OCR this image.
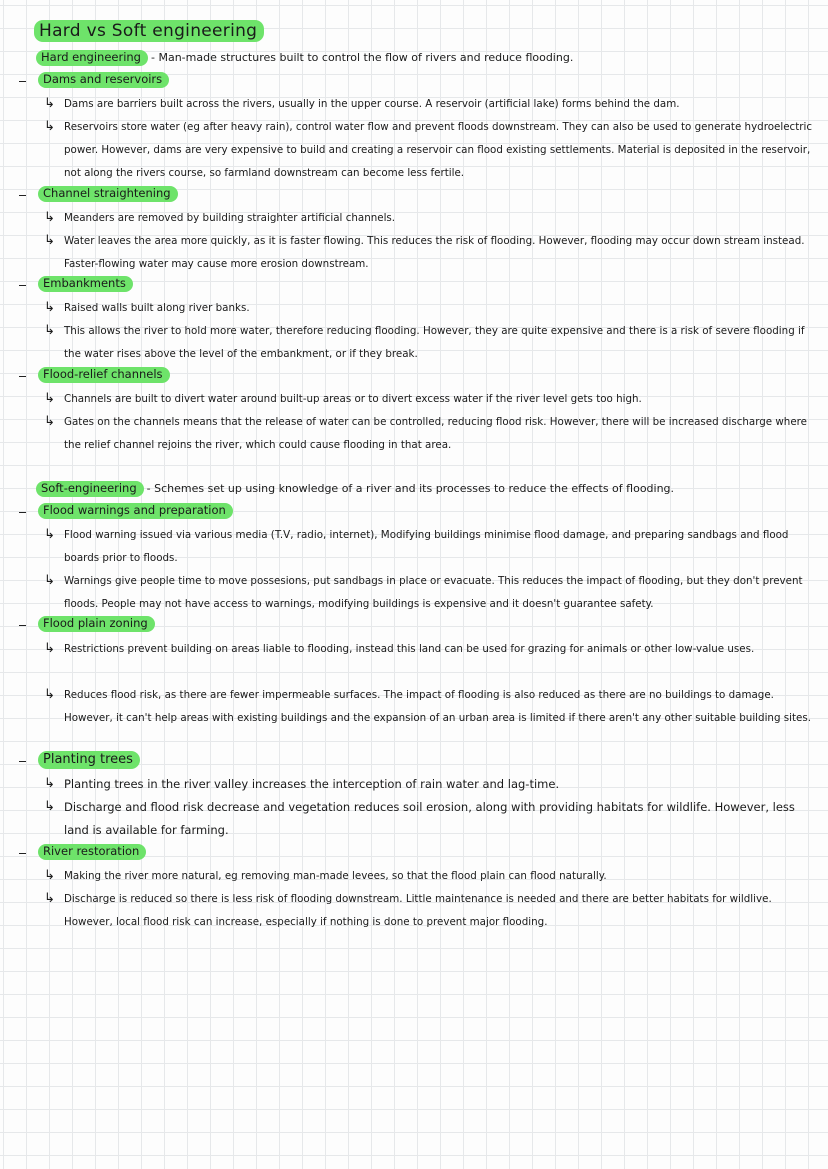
Hard vs Soft engineering
Hard engineering - Man-made structures built to control the flow of rivers and reduce flooding.
Dams and reservoirs
↳ Dams are barriers built across the rivers, usually in the upper course. A reservoir (artificial lake) forms behind the dam.
↳ Reservoirs store water (eg after heavy rain), control water flow and prevent floods downstream. They can also be used to generate hydroelectric power. However, dams are very expensive to build and creating a reservoir can flood existing settlements. Material is deposited in the reservoir, not along the rivers course, so farmland downstream can become less fertile.
Channel straightening
↳ Meanders are removed by building straighter artificial channels.
↳ Water leaves the area more quickly, as it is faster flowing. This reduces the risk of flooding. However, flooding may occur down stream instead. Faster-flowing water may cause more erosion downstream.
Embankments
↳ Raised walls built along river banks.
↳ This allows the river to hold more water, therefore reducing flooding. However, they are quite expensive and there is a risk of severe flooding if the water rises above the level of the embankment, or if they break.
Flood-relief channels
↳ Channels are built to divert water around built-up areas or to divert excess water if the river level gets too high.
↳ Gates on the channels means that the release of water can be controlled, reducing flood risk. However, there will be increased discharge where the relief channel rejoins the river, which could cause flooding in that area.
Soft-engineering - Schemes set up using knowledge of a river and its processes to reduce the effects of flooding.
Flood warnings and preparation
↳ Flood warning issued via various media (T.V, radio, internet), Modifying buildings minimise flood damage, and preparing sandbags and flood boards prior to floods.
↳ Warnings give people time to move possesions, put sandbags in place or evacuate. This reduces the impact of flooding, but they don't prevent floods. People may not have access to warnings, modifying buildings is expensive and it doesn't guarantee safety.
Flood plain zoning
↳ Restrictions prevent building on areas liable to flooding, instead this land can be used for grazing for animals or other low-value uses.
↳ Reduces flood risk, as there are fewer impermeable surfaces. The impact of flooding is also reduced as there are no buildings to damage. However, it can't help areas with existing buildings and the expansion of an urban area is limited if there aren't any other suitable building sites.
Planting trees
↳ Planting trees in the river valley increases the interception of rain water and lag-time.
↳ Discharge and flood risk decrease and vegetation reduces soil erosion, along with providing habitats for wildlife. However, less land is available for farming.
River restoration
↳ Making the river more natural, eg removing man-made levees, so that the flood plain can flood naturally.
↳ Discharge is reduced so there is less risk of flooding downstream. Little maintenance is needed and there are better habitats for wildlive. However, local flood risk can increase, especially if nothing is done to prevent major flooding.
